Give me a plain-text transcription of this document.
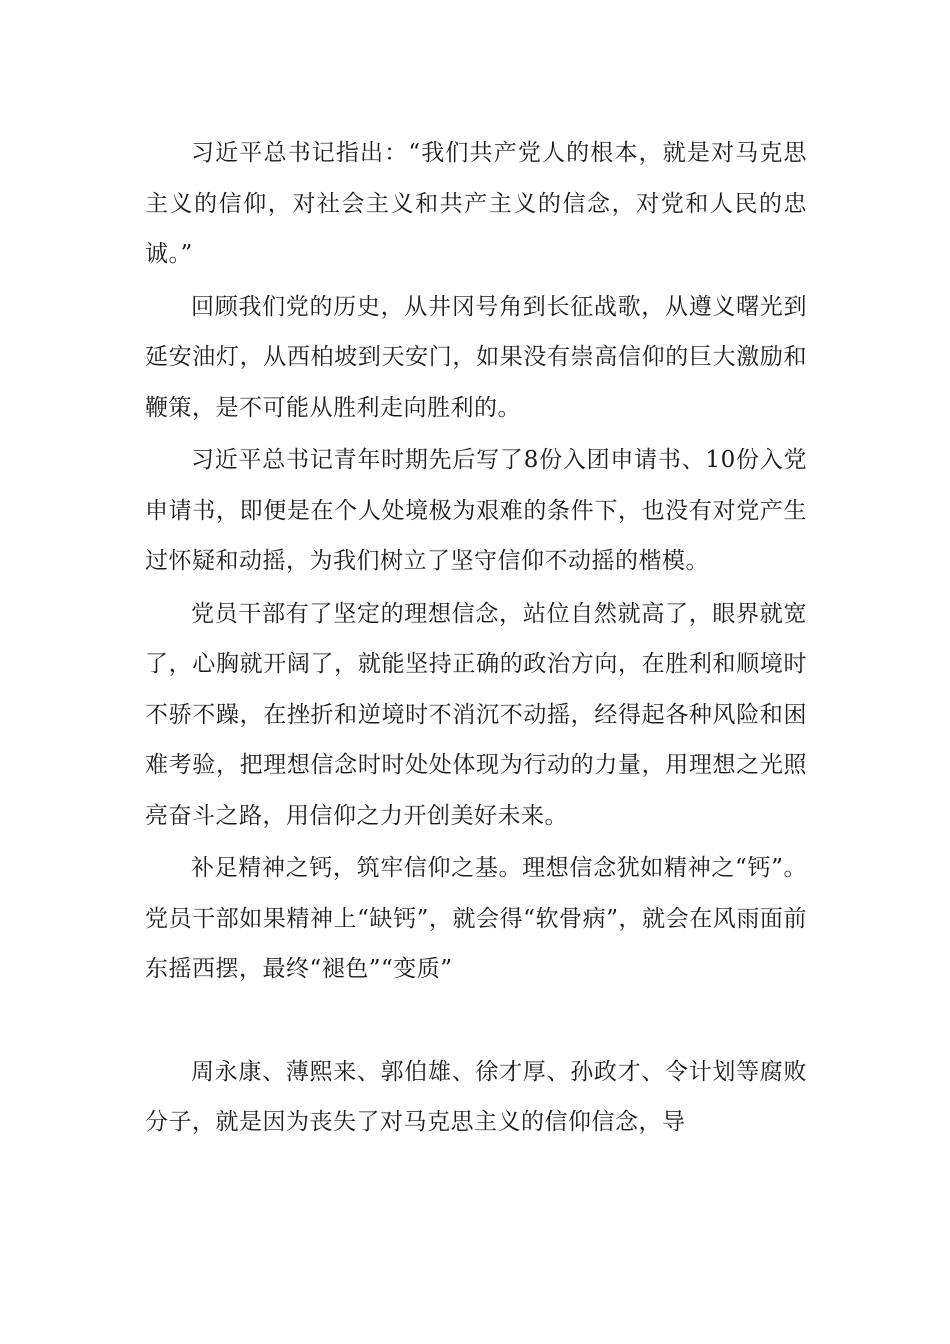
习近平总书记指出：“我们共产党人的根本，就是对马克思主义的信仰，对社会主义和共产主义的信念，对党和人民的忠诚。”

回顾我们党的历史，从井冈号角到长征战歌，从遵义曙光到延安油灯，从西柏坡到天安门，如果没有崇高信仰的巨大激励和鞭策，是不可能从胜利走向胜利的。

习近平总书记青年时期先后写了8份入团申请书、10份入党申请书，即便是在个人处境极为艰难的条件下，也没有对党产生过怀疑和动摇，为我们树立了坚守信仰不动摇的楷模。

党员干部有了坚定的理想信念，站位自然就高了，眼界就宽了，心胸就开阔了，就能坚持正确的政治方向，在胜利和顺境时不骄不躁，在挫折和逆境时不消沉不动摇，经得起各种风险和困难考验，把理想信念时时处处体现为行动的力量，用理想之光照亮奋斗之路，用信仰之力开创美好未来。

补足精神之钙，筑牢信仰之基。理想信念犹如精神之“钙”。党员干部如果精神上“缺钙”，就会得“软骨病”，就会在风雨面前东摇西摆，最终“褪色”“变质”

周永康、薄熙来、郭伯雄、徐才厚、孙政才、令计划等腐败分子，就是因为丧失了对马克思主义的信仰信念，导
